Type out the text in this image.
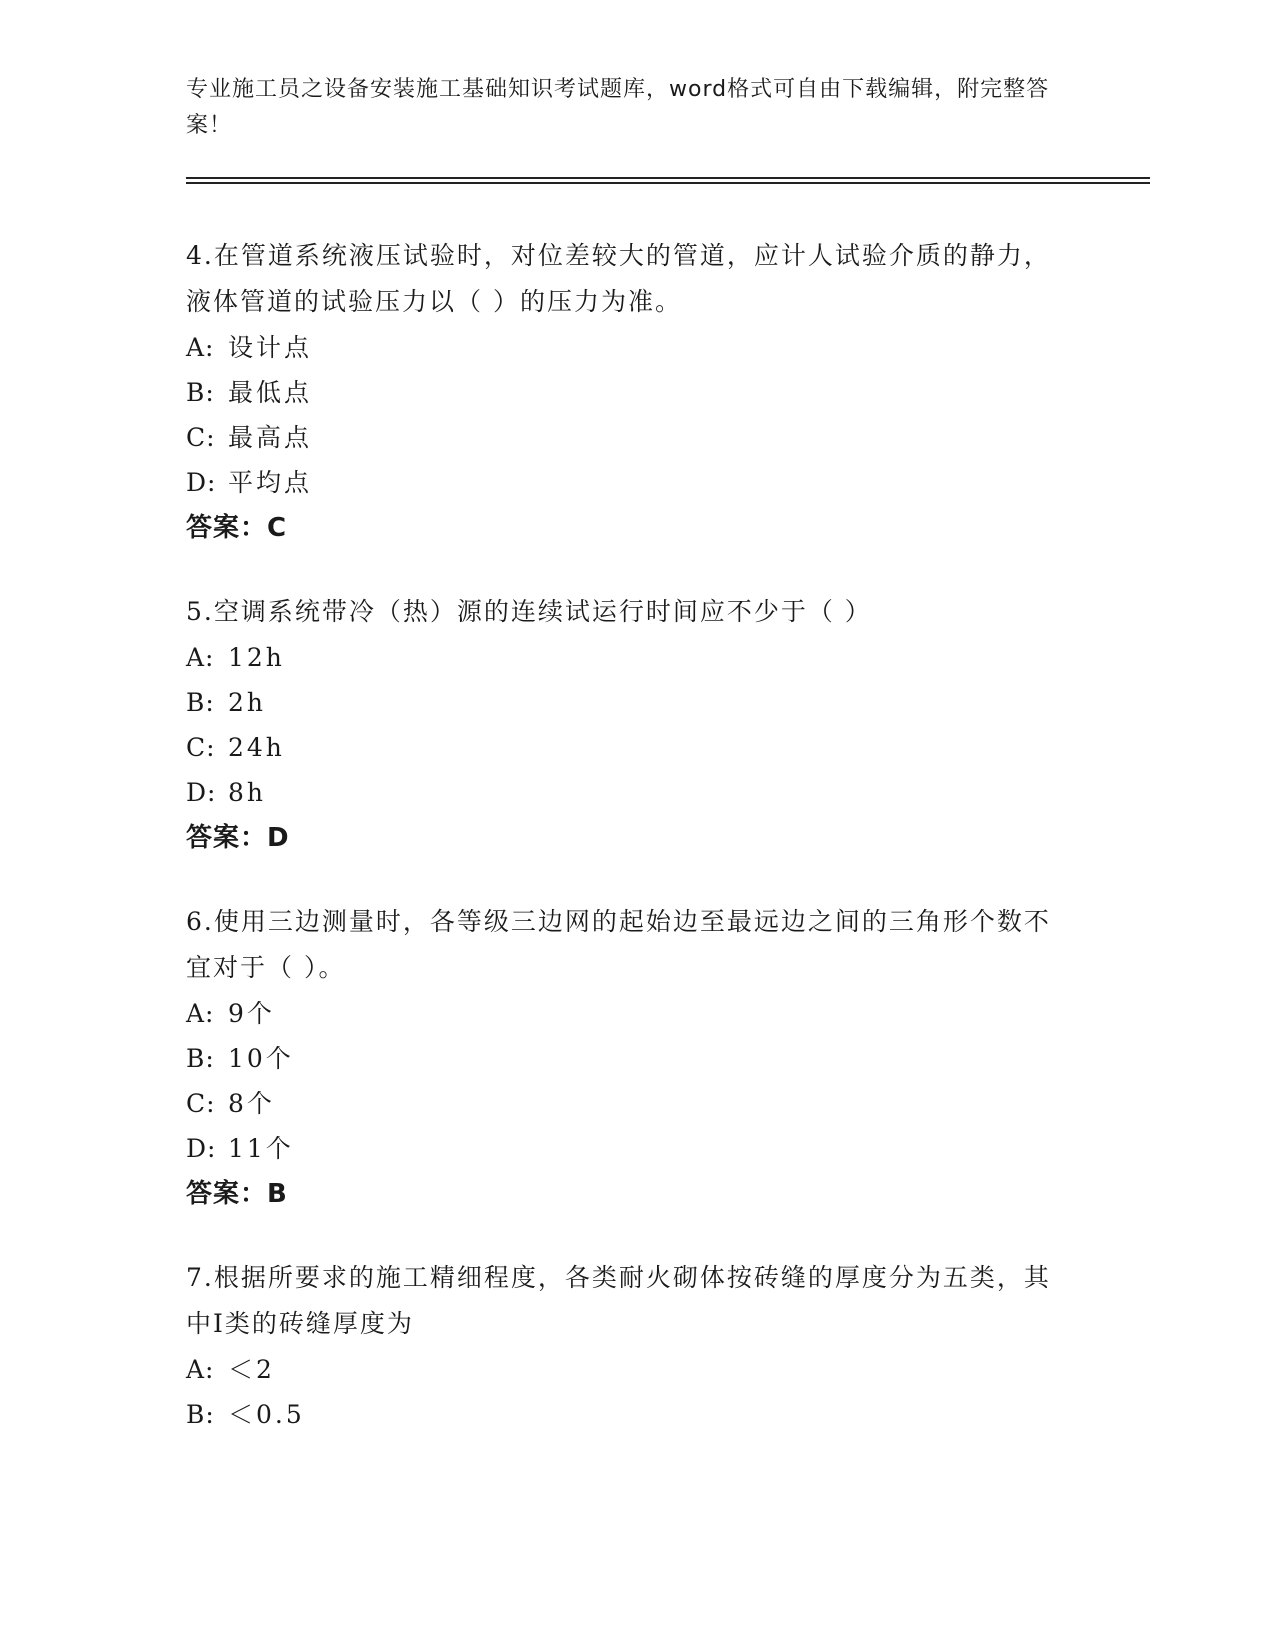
专业施工员之设备安装施工基础知识考试题库，word格式可自由下载编辑，附完整答案！
4.在管道系统液压试验时，对位差较大的管道，应计人试验介质的静力，液体管道的试验压力以（ ）的压力为准。
A: 设计点
B: 最低点
C: 最高点
D: 平均点
答案：C
5.空调系统带冷（热）源的连续试运行时间应不少于（ ）
A: 12h
B: 2h
C: 24h
D: 8h
答案：D
6.使用三边测量时，各等级三边网的起始边至最远边之间的三角形个数不宜对于（ ）。
A: 9个
B: 10个
C: 8个
D: 11个
答案：B
7.根据所要求的施工精细程度，各类耐火砌体按砖缝的厚度分为五类，其中I类的砖缝厚度为
A: ＜2
B: ＜0.5
